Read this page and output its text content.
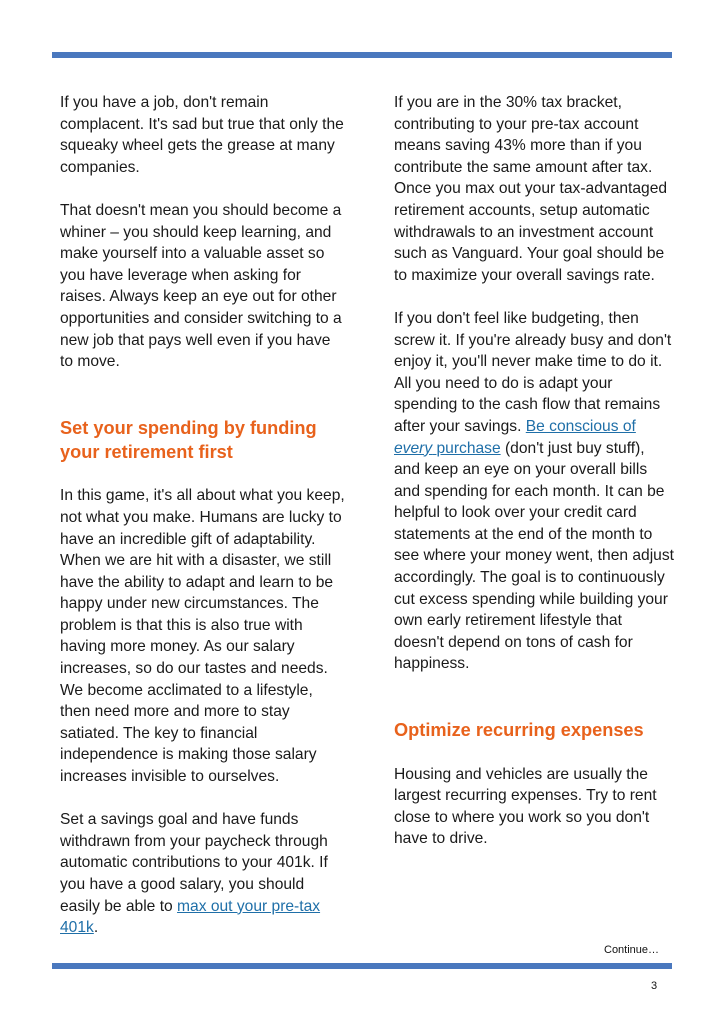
If you have a job, don't remain complacent. It's sad but true that only the squeaky wheel gets the grease at many companies.

That doesn't mean you should become a whiner – you should keep learning, and make yourself into a valuable asset so you have leverage when asking for raises. Always keep an eye out for other opportunities and consider switching to a new job that pays well even if you have to move.

Set your spending by funding your retirement first

In this game, it's all about what you keep, not what you make. Humans are lucky to have an incredible gift of adaptability. When we are hit with a disaster, we still have the ability to adapt and learn to be happy under new circumstances. The problem is that this is also true with having more money. As our salary increases, so do our tastes and needs. We become acclimated to a lifestyle, then need more and more to stay satiated. The key to financial independence is making those salary increases invisible to ourselves.

Set a savings goal and have funds withdrawn from your paycheck through automatic contributions to your 401k. If you have a good salary, you should easily be able to max out your pre-tax 401k.

If you are in the 30% tax bracket, contributing to your pre-tax account means saving 43% more than if you contribute the same amount after tax. Once you max out your tax-advantaged retirement accounts, setup automatic withdrawals to an investment account such as Vanguard. Your goal should be to maximize your overall savings rate.

If you don't feel like budgeting, then screw it. If you're already busy and don't enjoy it, you'll never make time to do it. All you need to do is adapt your spending to the cash flow that remains after your savings. Be conscious of every purchase (don't just buy stuff), and keep an eye on your overall bills and spending for each month. It can be helpful to look over your credit card statements at the end of the month to see where your money went, then adjust accordingly. The goal is to continuously cut excess spending while building your own early retirement lifestyle that doesn't depend on tons of cash for happiness.

Optimize recurring expenses

Housing and vehicles are usually the largest recurring expenses. Try to rent close to where you work so you don't have to drive.

Continue…
3
